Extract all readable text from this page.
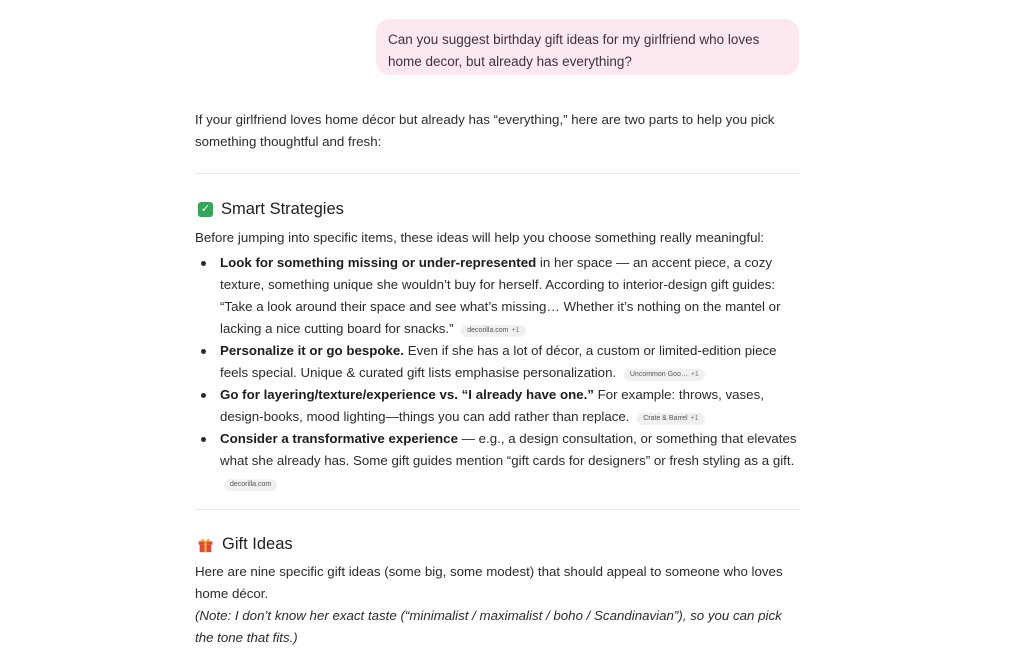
Can you suggest birthday gift ideas for my girlfriend who loves home decor, but already has everything?

If your girlfriend loves home décor but already has “everything,” here are two parts to help you pick something thoughtful and fresh:

✓ Smart Strategies

Before jumping into specific items, these ideas will help you choose something really meaningful:

Look for something missing or under-represented in her space — an accent piece, a cozy texture, something unique she wouldn’t buy for herself. According to interior-design gift guides: “Take a look around their space and see what’s missing… Whether it’s nothing on the mantel or lacking a nice cutting board for snacks.” decorilla.com +1
Personalize it or go bespoke. Even if she has a lot of décor, a custom or limited-edition piece feels special. Unique & curated gift lists emphasise personalization. Uncommon Goo… +1
Go for layering/texture/experience vs. “I already have one.” For example: throws, vases, design-books, mood lighting—things you can add rather than replace. Crate & Barrel +1
Consider a transformative experience — e.g., a design consultation, or something that elevates what she already has. Some gift guides mention “gift cards for designers” or fresh styling as a gift. decorilla.com
Gift Ideas

Here are nine specific gift ideas (some big, some modest) that should appeal to someone who loves home décor.

(Note: I don’t know her exact taste (“minimalist / maximalist / boho / Scandinavian”), so you can pick the tone that fits.)
